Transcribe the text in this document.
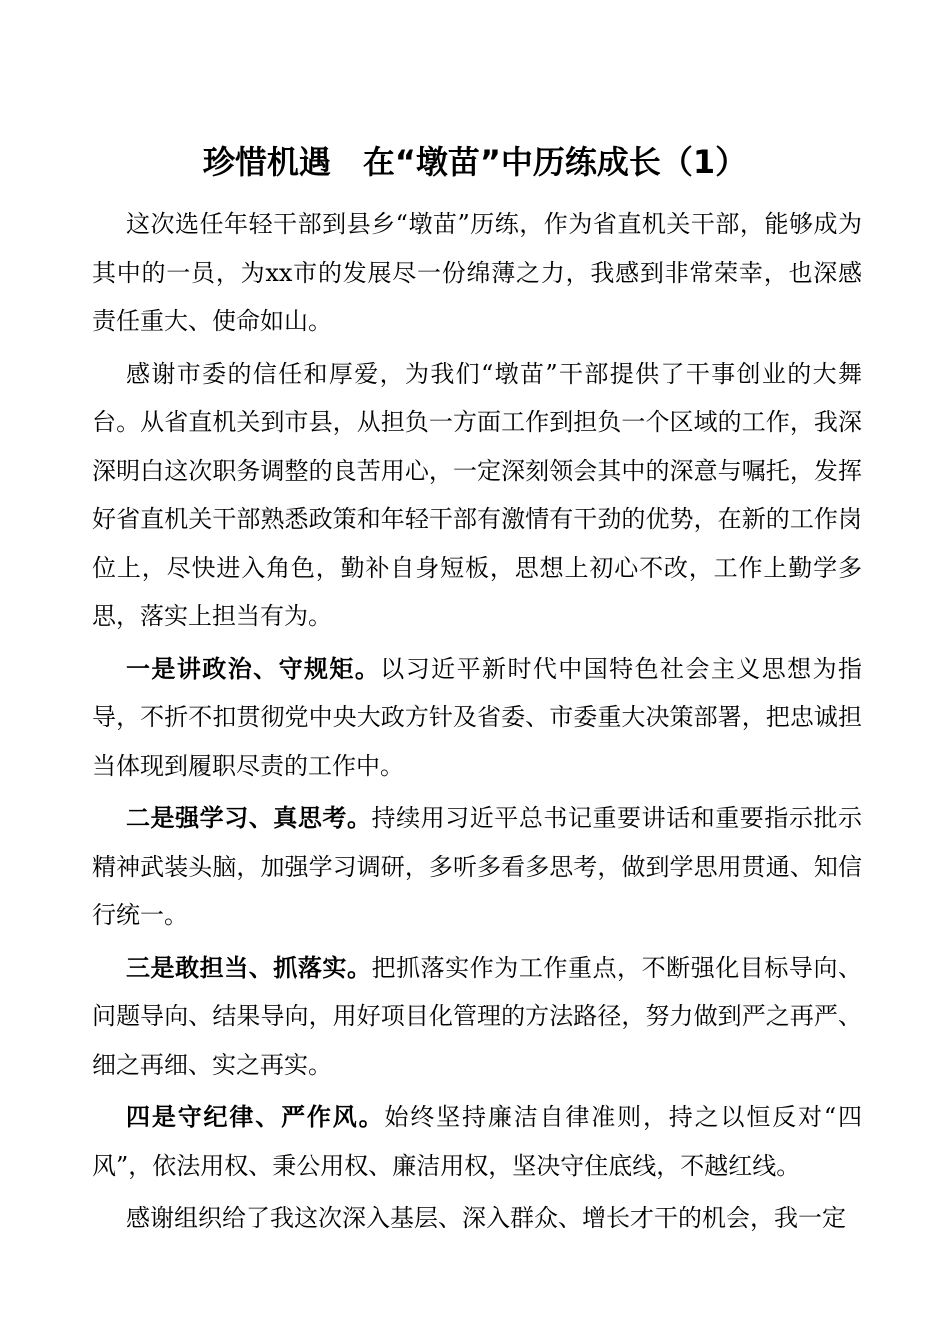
珍惜机遇　在“墩苗”中历练成长（1）

这次选任年轻干部到县乡“墩苗”历练，作为省直机关干部，能够成为其中的一员，为xx市的发展尽一份绵薄之力，我感到非常荣幸，也深感责任重大、使命如山。

感谢市委的信任和厚爱，为我们“墩苗”干部提供了干事创业的大舞台。从省直机关到市县，从担负一方面工作到担负一个区域的工作，我深深明白这次职务调整的良苦用心，一定深刻领会其中的深意与嘱托，发挥好省直机关干部熟悉政策和年轻干部有激情有干劲的优势，在新的工作岗位上，尽快进入角色，勤补自身短板，思想上初心不改，工作上勤学多思，落实上担当有为。

一是讲政治、守规矩。以习近平新时代中国特色社会主义思想为指导，不折不扣贯彻党中央大政方针及省委、市委重大决策部署，把忠诚担当体现到履职尽责的工作中。

二是强学习、真思考。持续用习近平总书记重要讲话和重要指示批示精神武装头脑，加强学习调研，多听多看多思考，做到学思用贯通、知信行统一。

三是敢担当、抓落实。把抓落实作为工作重点，不断强化目标导向、问题导向、结果导向，用好项目化管理的方法路径，努力做到严之再严、细之再细、实之再实。

四是守纪律、严作风。始终坚持廉洁自律准则，持之以恒反对“四风”，依法用权、秉公用权、廉洁用权，坚决守住底线，不越红线。

感谢组织给了我这次深入基层、深入群众、增长才干的机会，我一定
